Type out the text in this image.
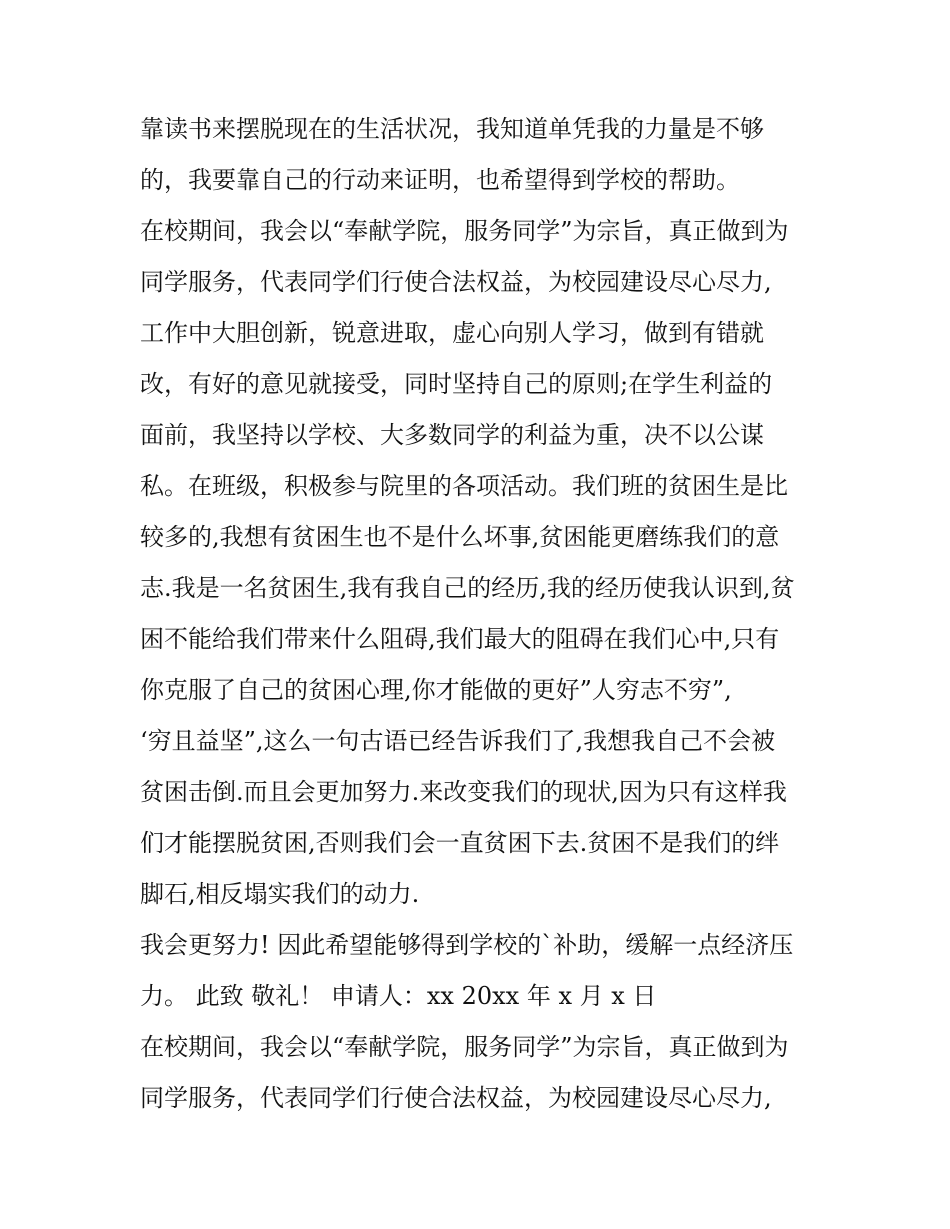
靠读书来摆脱现在的生活状况，我知道单凭我的力量是不够
的，我要靠自己的行动来证明，也希望得到学校的帮助。
在校期间，我会以“奉献学院，服务同学”为宗旨，真正做到为
同学服务，代表同学们行使合法权益，为校园建设尽心尽力,
工作中大胆创新，锐意进取，虚心向别人学习，做到有错就
改，有好的意见就接受，同时坚持自己的原则;在学生利益的
面前，我坚持以学校、大多数同学的利益为重，决不以公谋
私。在班级，积极参与院里的各项活动。我们班的贫困生是比
较多的,我想有贫困生也不是什么坏事,贫困能更磨练我们的意
志.我是一名贫困生,我有我自己的经历,我的经历使我认识到,贫
困不能给我们带来什么阻碍,我们最大的阻碍在我们心中,只有
你克服了自己的贫困心理,你才能做的更好”人穷志不穷”,
‘穷且益坚”,这么一句古语已经告诉我们了,我想我自己不会被
贫困击倒.而且会更加努力.来改变我们的现状,因为只有这样我
们才能摆脱贫困,否则我们会一直贫困下去.贫困不是我们的绊
脚石,相反塌实我们的动力.
我会更努力! 因此希望能够得到学校的`补助，缓解一点经济压
力。 此致 敬礼！ 申请人：xx 20xx 年 x 月 x 日
在校期间，我会以“奉献学院，服务同学”为宗旨，真正做到为
同学服务，代表同学们行使合法权益，为校园建设尽心尽力,
